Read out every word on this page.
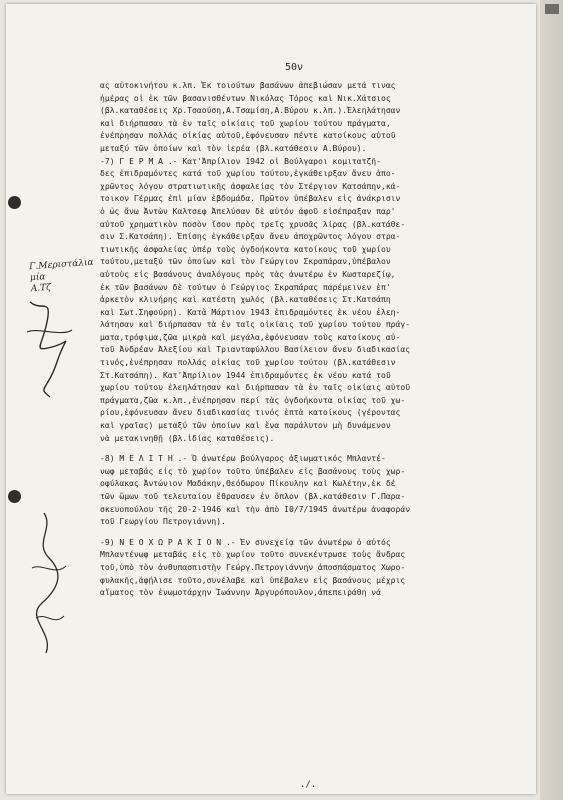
50ν
Γ.Μεριστάλια μία
Α.Τζ
ας αὐτοκινήτου κ.λπ. Ἐκ τοιούτων βασάνων ἀπεβιώσαν μετά τινας
ἡμέρας οἱ ἐκ τῶν βασανισθέντων Νικόλας Τόρος καὶ Νικ.Χάτσιος
(βλ.καταθέσεις Χρ.Τσαούση,Α.Τσαμίση,Α.Βύρου κ.λπ.).Ἐλεηλάτησαν
καὶ διήρπασαν τὰ ἐν ταῖς οἰκίαις τοῦ χωρίου τούτου πράγματα,
ἐνέπρησαν πολλάς οἰκίας αὐτοῦ,ἐφόνευσαν πέντε κατοίκους αὐτοῦ
μεταξύ τῶν ὁποίων καὶ τὸν ἱερέα (βλ.κατάθεσιν Α.Βύρου).
-7) Γ Ε Ρ Μ Α .- Κατ'Ἀπρίλιον 1942 οἱ Βούλγαροι κομιτατζῆ-
δες ἐπιδραμόντες κατά τοῦ χωρίου τούτου,ἐγκάθειρξαν ἄνευ ἀπο-
χρῶντος λόγου στρατιωτικῆς ἀσφαλείας τὸν Στέργιον Κατσάπην,κά-
τοικον Γέρμας ἐπὶ μίαν ἑβδομάδα. Πρῶτον ὑπέβαλεν εἰς ἀνάκρισιν
ὁ ὡς ἄνω Ἀντὼν Καλτσεφ Ἀπελύσαν δὲ αὐτόν ἀφοῦ εἰσέπραξαν παρ'
αὐτοῦ χρηματικὸν ποσὸν ἴσον πρὸς τρεῖς χρυσᾶς λίρας (βλ.κατάθε-
σιν Σ.Κατσάπη). Ἐπίσης ἐγκάθειρξαν ἄνευ ἀποχρῶντος λόγου στρα-
τιωτικῆς ἀσφαλείας ὑπέρ τοὺς ὀγδοήκοντα κατοίκους τοῦ χωρίου
τούτου,μεταξύ τῶν ὁποίων καὶ τὸν Γεώργιον Σκραπάραν,ὑπέβαλον
αὐτοὺς εἰς βασάνους ἀναλόγους πρὸς τὰς ἀνωτέρω ἐν Κωσταρεζίῳ,
ἐκ τῶν βασάνων δὲ τούτων ὁ Γεώργιος Σκραπάρας παρέμεινεν ἐπ'
ἀρκετὸν κλινήρης καὶ κατέστη χωλός (βλ.καταθέσεις Στ.Κατσάπη
καὶ Σωτ.Σηφούρη). Κατὰ Μάρτιον 1943 ἐπιδραμόντες ἐκ νέου ἐλεη-
λάτησαν καὶ διήρπασαν τὰ ἐν ταῖς οἰκίαις τοῦ χωρίου τούτου πράγ-
ματα,τρόφιμα,ζῶα μικρὰ καὶ μεγάλα,ἐφόνευσαν τοὺς κατοίκους αὐ-
τοῦ Ἀνδρέαν Ἀλεξίου καὶ Τριανταφύλλου Βασίλειον ἄνευ διαδικασίας
τινός,ἐνέπρησαν πολλάς οἰκίας τοῦ χωρίου τούτου (βλ.κατάθεσιν
Στ.Κατσάπη). Κατ'Ἀπρίλιον 1944 ἐπιδραμόντες ἐκ νέου κατά τοῦ
χωρίου τούτου ἐλεηλάτησαν καὶ διήρπασαν τὰ ἐν ταῖς οἰκίαις αὐτοῦ
πράγματα,ζῶα κ.λπ.,ἐνέπρησαν περί τὰς ὀγδοήκοντα οἰκίας τοῦ χω-
ρίου,ἐφόνευσαν ἄνευ διαδικασίας τινός ἑπτὰ κατοίκους (γέροντας
καὶ γραῖας) μεταξύ τῶν ὁποίων καὶ ἕνα παράλυτον μὴ δυνάμενον
νὰ μετακινηθῇ (βλ.ἰδίας καταθέσεις).
-8) Μ Ε Λ Ι Τ Η .- Ὁ ἀνωτέρω βούλγαρος ἀξιωματικός Μπλαντέ-
νωφ μεταβάς εἰς τὸ χωρίον τοῦτο ὑπέβαλεν εἰς βασάνους τοὺς χωρ-
οφύλακας Ἀντώνιον Μαδάκην,Θεόδωρον Πίκουλην καὶ Κωλέτην,ἐκ δέ
τῶν ὤμων τοῦ τελευταίου ἔθραυσεν ἐν ὅπλον (βλ.κατάθεσιν Γ.Παρα-
σκευοπούλου τῆς 20-2-1946 καὶ τὴν ἀπὸ Ι0/7/1945 ἀνωτέρω ἀναφοράν
τοῦ Γεωργίου Πετρογιάννη).
-9) Ν Ε Ο Χ Ω Ρ Α Κ Ι Ο Ν .- Ἐν συνεχείᾳ τῶν ἀνωτέρω ὁ αὐτός
Μπλαντένωφ μεταβάς εἰς τὸ χωρίον τοῦτο συνεκέντρωσε τοὺς ἄνδρας
τοῦ,ὑπὸ τὸν ἀνθυπασπιστὴν Γεώργ.Πετρογιάννην ἀποσπάσματος Χωρο-
φυλακῆς,ἀφῄλισε τοῦτο,συνέλαβε καὶ ὑπέβαλεν εἰς βασάνους μέχρις
αἵματος τὸν ἐνωμοτάρχην Ἰωάννην Ἀργυρόπουλον,ἀπεπειράθη νά
./.
